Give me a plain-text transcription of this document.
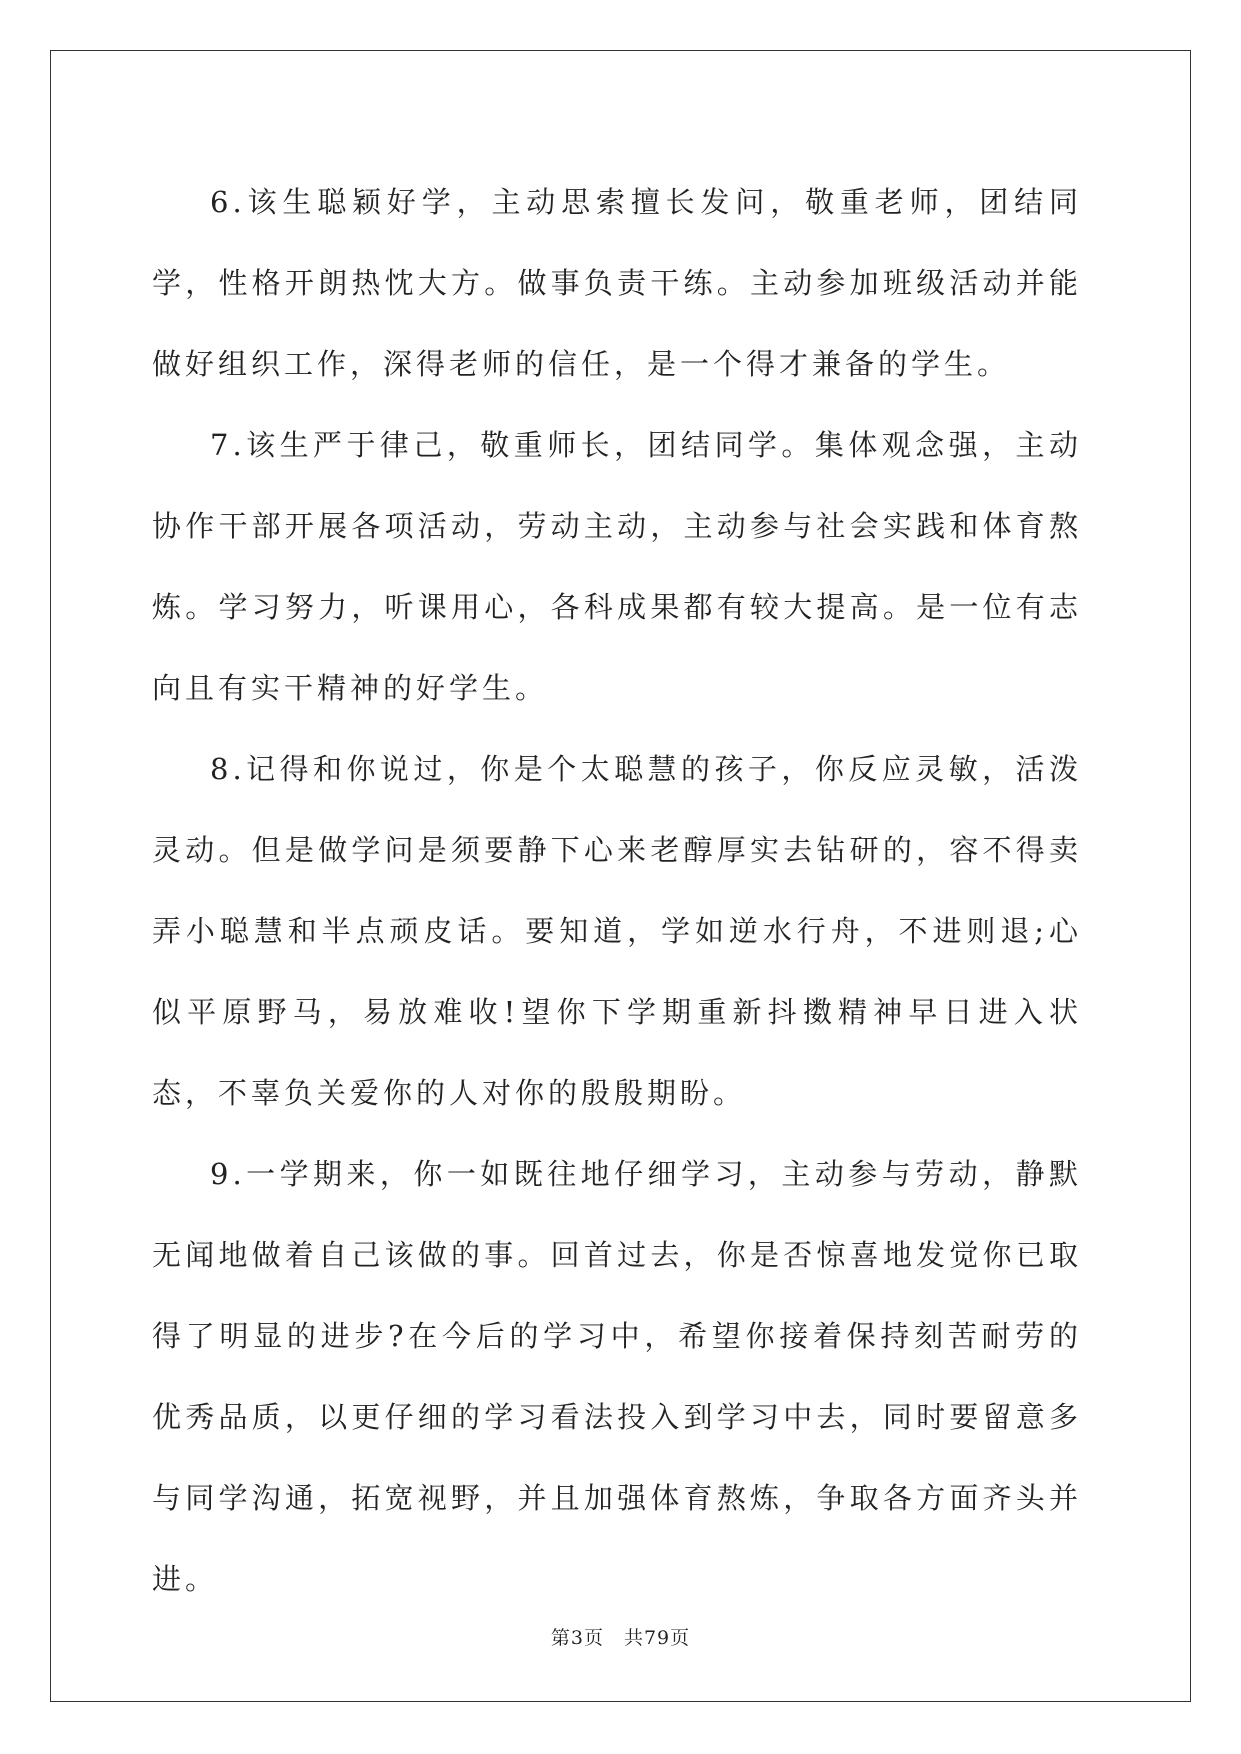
6.该生聪颖好学，主动思索擅长发问，敬重老师，团结同学，性格开朗热忱大方。做事负责干练。主动参加班级活动并能做好组织工作，深得老师的信任，是一个得才兼备的学生。

7.该生严于律己，敬重师长，团结同学。集体观念强，主动协作干部开展各项活动，劳动主动，主动参与社会实践和体育熬炼。学习努力，听课用心，各科成果都有较大提高。是一位有志向且有实干精神的好学生。

8.记得和你说过，你是个太聪慧的孩子，你反应灵敏，活泼灵动。但是做学问是须要静下心来老醇厚实去钻研的，容不得卖弄小聪慧和半点顽皮话。要知道，学如逆水行舟，不进则退;心似平原野马，易放难收!望你下学期重新抖擞精神早日进入状态，不辜负关爱你的人对你的殷殷期盼。

9.一学期来，你一如既往地仔细学习，主动参与劳动，静默无闻地做着自己该做的事。回首过去，你是否惊喜地发觉你已取得了明显的进步?在今后的学习中，希望你接着保持刻苦耐劳的优秀品质，以更仔细的学习看法投入到学习中去，同时要留意多与同学沟通，拓宽视野，并且加强体育熬炼，争取各方面齐头并进。

第3页 共79页
